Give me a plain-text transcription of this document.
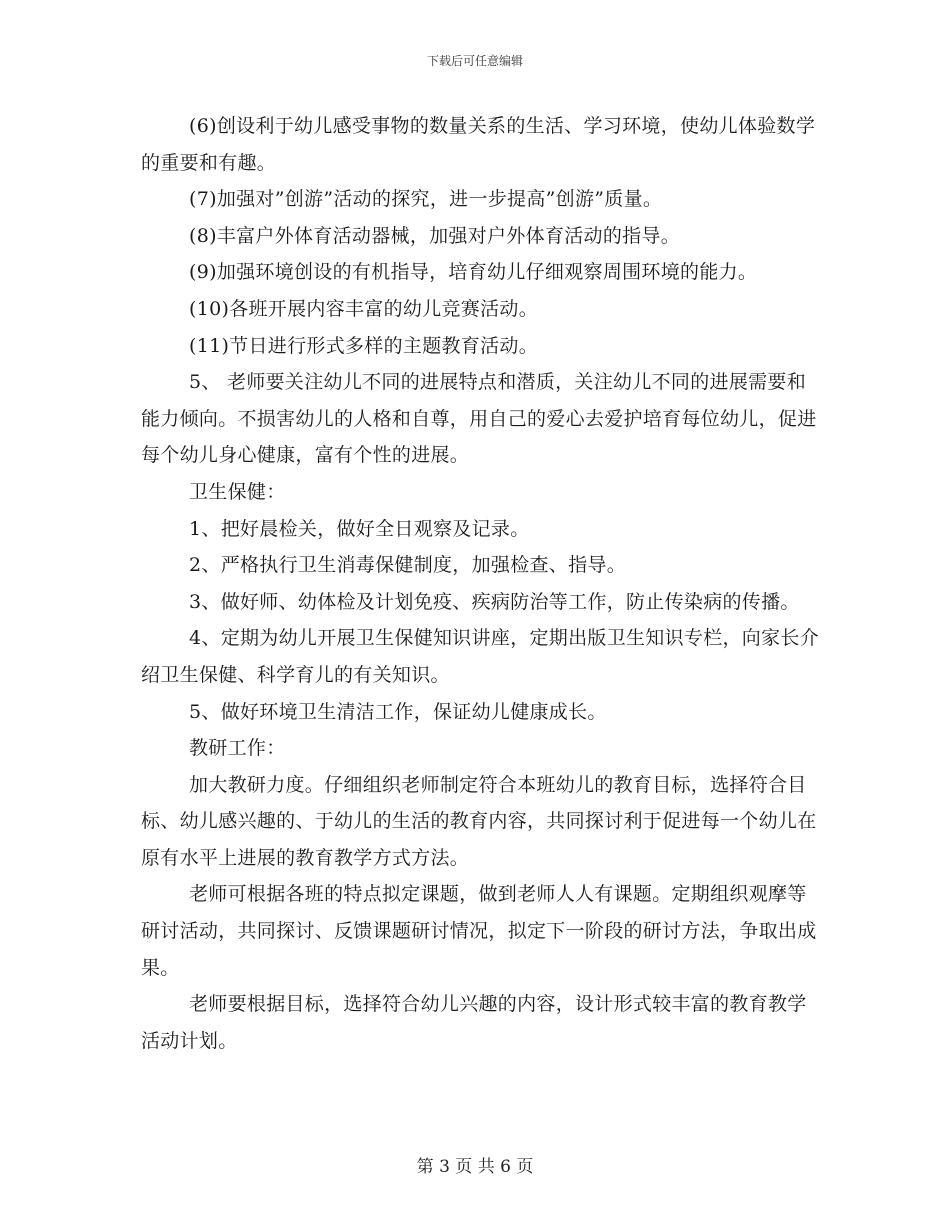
下载后可任意编辑

(6)创设利于幼儿感受事物的数量关系的生活、学习环境，使幼儿体验数学的重要和有趣。

(7)加强对”创游”活动的探究，进一步提高”创游”质量。

(8)丰富户外体育活动器械，加强对户外体育活动的指导。

(9)加强环境创设的有机指导，培育幼儿仔细观察周围环境的能力。

(10)各班开展内容丰富的幼儿竞赛活动。

(11)节日进行形式多样的主题教育活动。

5、 老师要关注幼儿不同的进展特点和潜质，关注幼儿不同的进展需要和能力倾向。不损害幼儿的人格和自尊，用自己的爱心去爱护培育每位幼儿，促进每个幼儿身心健康，富有个性的进展。

卫生保健：

1、把好晨检关，做好全日观察及记录。

2、严格执行卫生消毒保健制度，加强检查、指导。

3、做好师、幼体检及计划免疫、疾病防治等工作，防止传染病的传播。

4、定期为幼儿开展卫生保健知识讲座，定期出版卫生知识专栏，向家长介绍卫生保健、科学育儿的有关知识。

5、做好环境卫生清洁工作，保证幼儿健康成长。

教研工作：

加大教研力度。仔细组织老师制定符合本班幼儿的教育目标，选择符合目标、幼儿感兴趣的、于幼儿的生活的教育内容，共同探讨利于促进每一个幼儿在原有水平上进展的教育教学方式方法。

老师可根据各班的特点拟定课题，做到老师人人有课题。定期组织观摩等研讨活动，共同探讨、反馈课题研讨情况，拟定下一阶段的研讨方法，争取出成果。

老师要根据目标，选择符合幼儿兴趣的内容，设计形式较丰富的教育教学活动计划。

第 3 页 共 6 页
